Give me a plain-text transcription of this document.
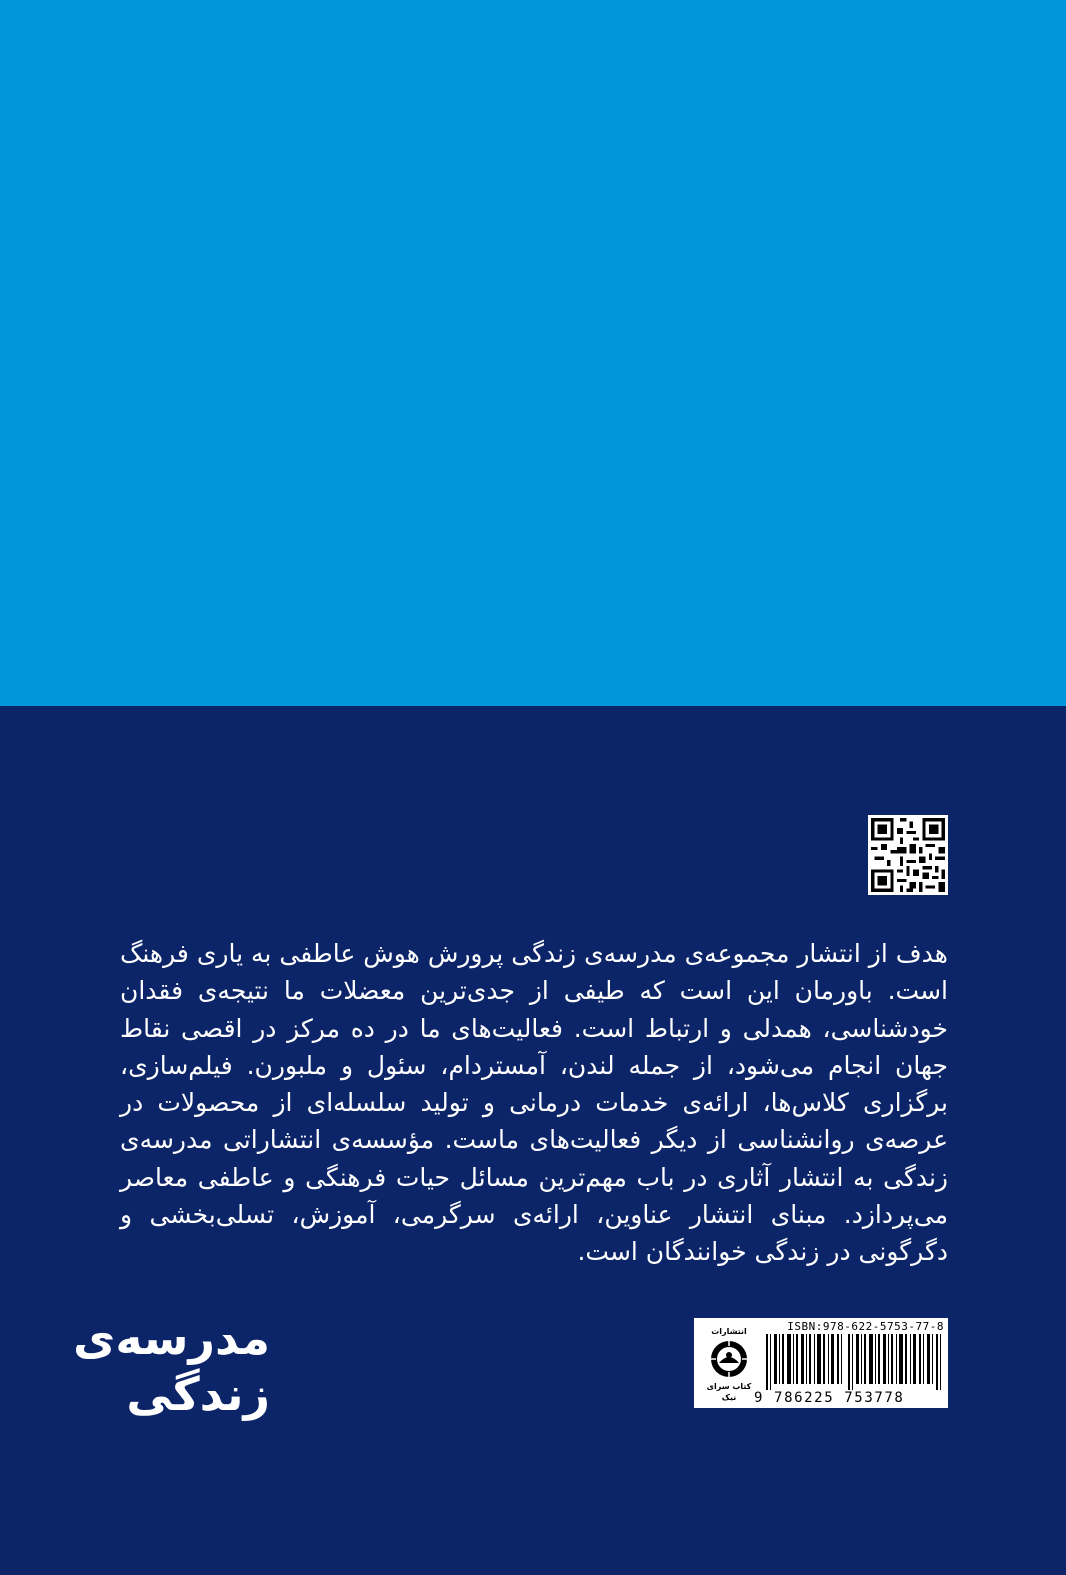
هدف از انتشار مجموعه‌ی مدرسه‌ی زندگی پرورش هوش عاطفی به یاری فرهنگ است. باورمان این است که طیفی از جدی‌ترین معضلات ما نتیجه‌ی فقدان خودشناسی، همدلی و ارتباط است. فعالیت‌های ما در ده مرکز در اقصی نقاط جهان انجام می‌شود، از جمله لندن، آمستردام، سئول و ملبورن. فیلم‌سازی، برگزاری کلاس‌ها، ارائه‌ی خدمات درمانی و تولید سلسله‌ای از محصولات در عرصه‌ی روانشناسی از دیگر فعالیت‌های ماست. مؤسسه‌ی انتشاراتی مدرسه‌ی زندگی به انتشار آثاری در باب مهم‌ترین مسائل حیات فرهنگی و عاطفی معاصر می‌پردازد. مبنای انتشار عناوین، ارائه‌ی سرگرمی، آموزش، تسلی‌بخشی و دگرگونی در زندگی خوانندگان است.

مدرسه‌ی
زندگی
انتشارات
کتاب سرای نیک
ISBN:978-622-5753-77-8
9 786225 753778
